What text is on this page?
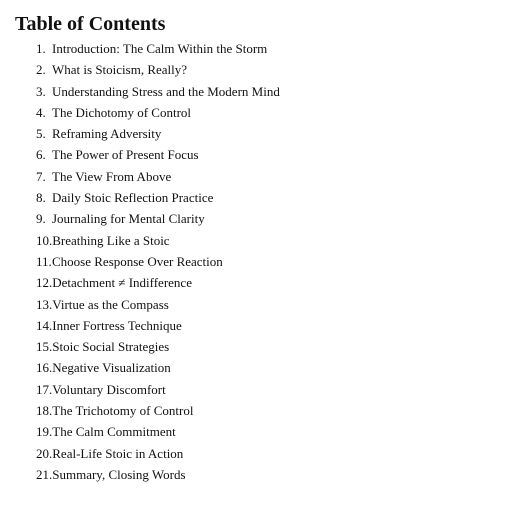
Table of Contents
1. Introduction: The Calm Within the Storm
2. What is Stoicism, Really?
3. Understanding Stress and the Modern Mind
4. The Dichotomy of Control
5. Reframing Adversity
6. The Power of Present Focus
7. The View From Above
8. Daily Stoic Reflection Practice
9. Journaling for Mental Clarity
10. Breathing Like a Stoic
11. Choose Response Over Reaction
12. Detachment ≠ Indifference
13. Virtue as the Compass
14. Inner Fortress Technique
15. Stoic Social Strategies
16. Negative Visualization
17. Voluntary Discomfort
18. The Trichotomy of Control
19. The Calm Commitment
20. Real-Life Stoic in Action
21. Summary, Closing Words
